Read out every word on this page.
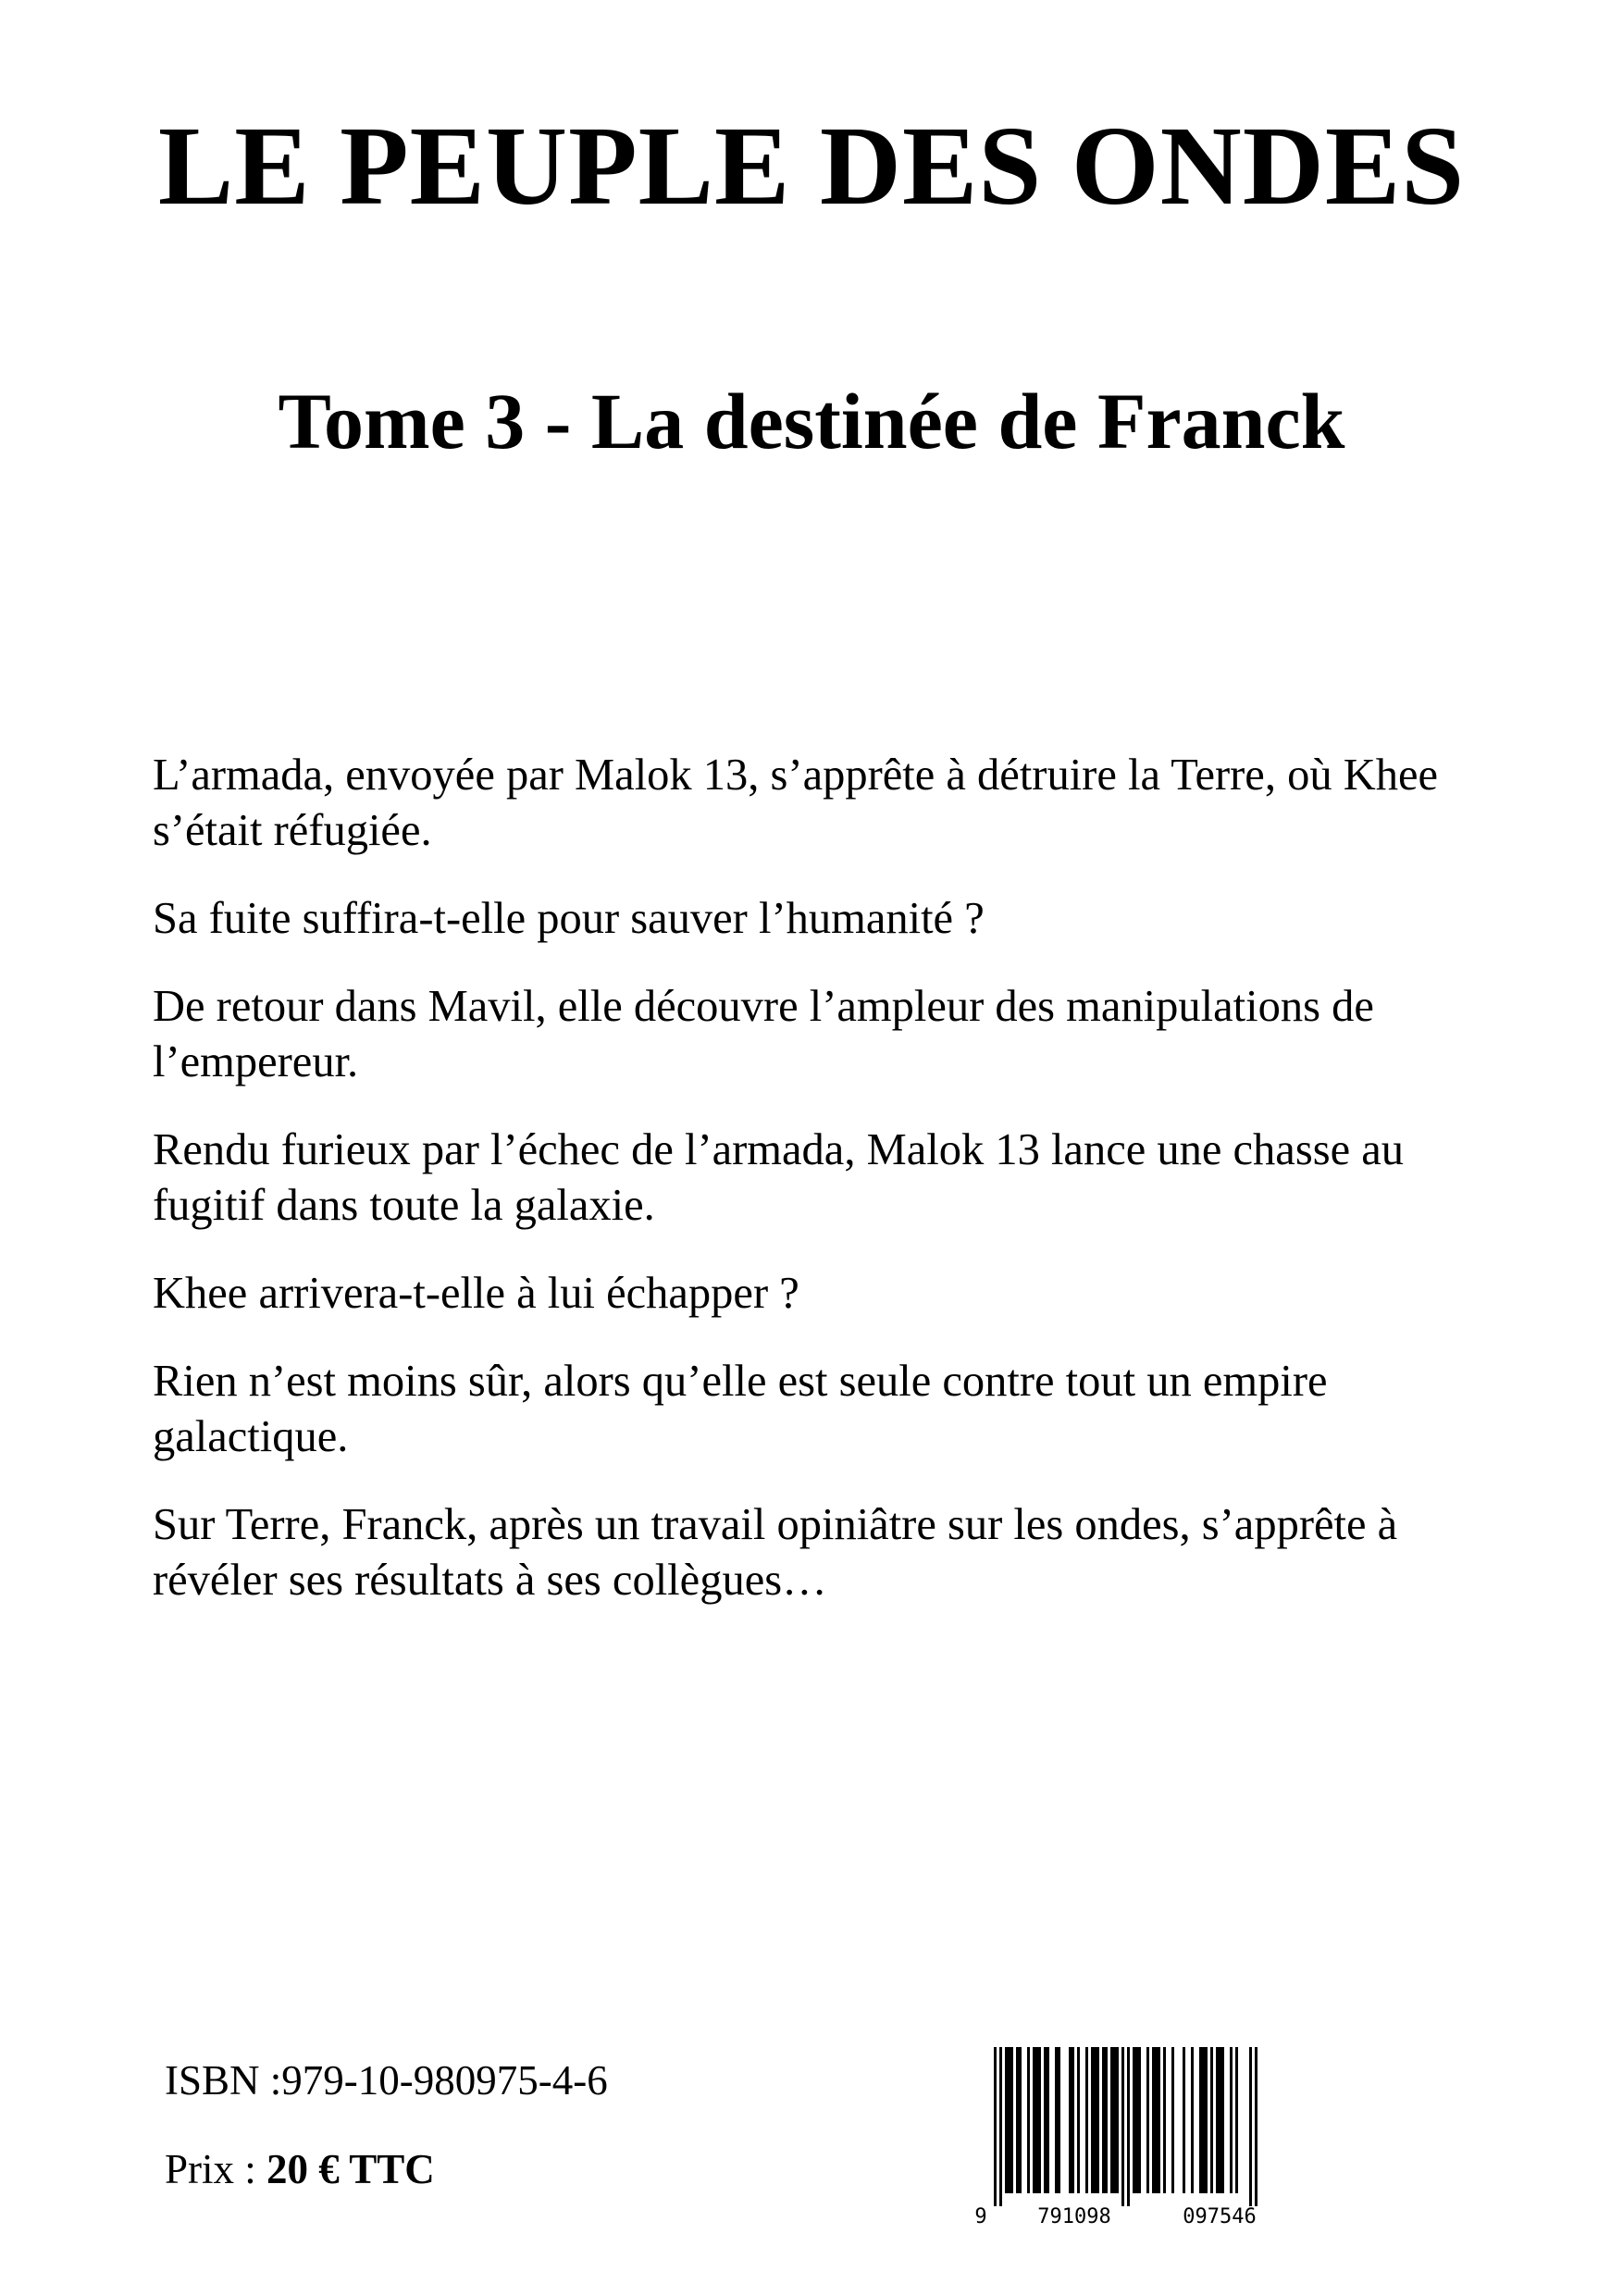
LE PEUPLE DES ONDES
Tome 3 - La destinée de Franck

L’armada, envoyée par Malok 13, s’apprête à détruire la Terre, où Khee s’était réfugiée.

Sa fuite suffira-t-elle pour sauver l’humanité ?

De retour dans Mavil, elle découvre l’ampleur des manipulations de l’empereur.

Rendu furieux par l’échec de l’armada, Malok 13 lance une chasse au fugitif dans toute la galaxie.

Khee arrivera-t-elle à lui échapper ?

Rien n’est moins sûr, alors qu’elle est seule contre tout un empire galactique.

Sur Terre, Franck, après un travail opiniâtre sur les ondes, s’apprête à révéler ses résultats à ses collègues…

ISBN :979-10-980975-4-6
Prix : 20 € TTC
9 791098	097546
